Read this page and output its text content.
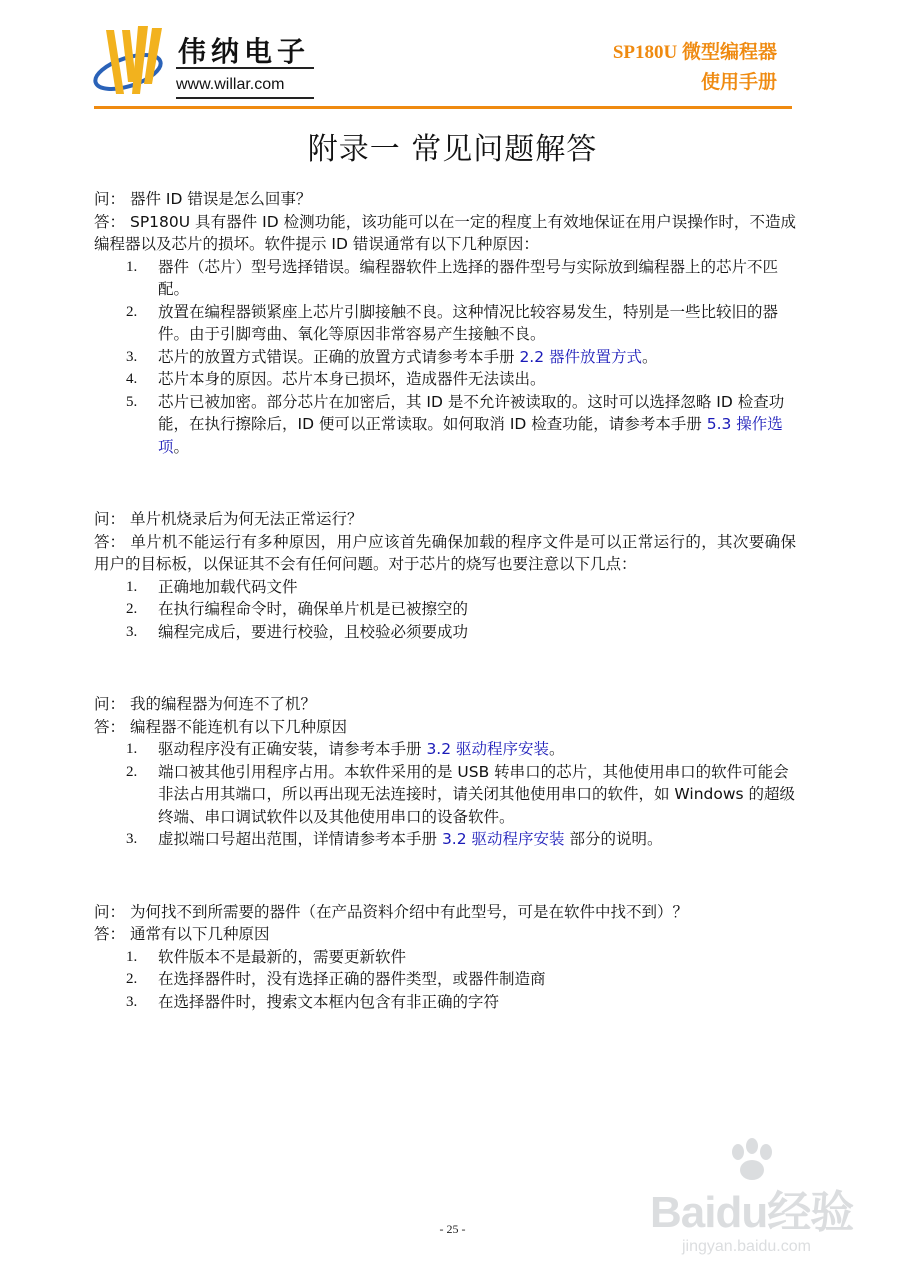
伟纳电子
www.willar.com
SP180U 微型编程器
使用手册
附录一 常见问题解答

问： 器件 ID 错误是怎么回事？

答： SP180U 具有器件 ID 检测功能，该功能可以在一定的程度上有效地保证在用户误操作时，不造成编程器以及芯片的损坏。软件提示 ID 错误通常有以下几种原因：

1. 器件（芯片）型号选择错误。编程器软件上选择的器件型号与实际放到编程器上的芯片不匹配。
2. 放置在编程器锁紧座上芯片引脚接触不良。这种情况比较容易发生，特别是一些比较旧的器件。由于引脚弯曲、氧化等原因非常容易产生接触不良。
3. 芯片的放置方式错误。正确的放置方式请参考本手册 2.2 器件放置方式。
4. 芯片本身的原因。芯片本身已损坏，造成器件无法读出。
5. 芯片已被加密。部分芯片在加密后，其 ID 是不允许被读取的。这时可以选择忽略 ID 检查功能，在执行擦除后，ID 便可以正常读取。如何取消 ID 检查功能，请参考本手册 5.3 操作选项。

问： 单片机烧录后为何无法正常运行？

答： 单片机不能运行有多种原因，用户应该首先确保加载的程序文件是可以正常运行的，其次要确保用户的目标板，以保证其不会有任何问题。对于芯片的烧写也要注意以下几点：

1. 正确地加载代码文件
2. 在执行编程命令时，确保单片机是已被擦空的
3. 编程完成后，要进行校验，且校验必须要成功

问： 我的编程器为何连不了机？

答： 编程器不能连机有以下几种原因

1. 驱动程序没有正确安装，请参考本手册 3.2 驱动程序安装。
2. 端口被其他引用程序占用。本软件采用的是 USB 转串口的芯片，其他使用串口的软件可能会非法占用其端口，所以再出现无法连接时，请关闭其他使用串口的软件，如 Windows 的超级终端、串口调试软件以及其他使用串口的设备软件。
3. 虚拟端口号超出范围，详情请参考本手册 3.2 驱动程序安装 部分的说明。

问： 为何找不到所需要的器件（在产品资料介绍中有此型号，可是在软件中找不到）？

答： 通常有以下几种原因

1. 软件版本不是最新的，需要更新软件
2. 在选择器件时，没有选择正确的器件类型，或器件制造商
3. 在选择器件时，搜索文本框内包含有非正确的字符
Baidu经验
jingyan.baidu.com
- 25 -
